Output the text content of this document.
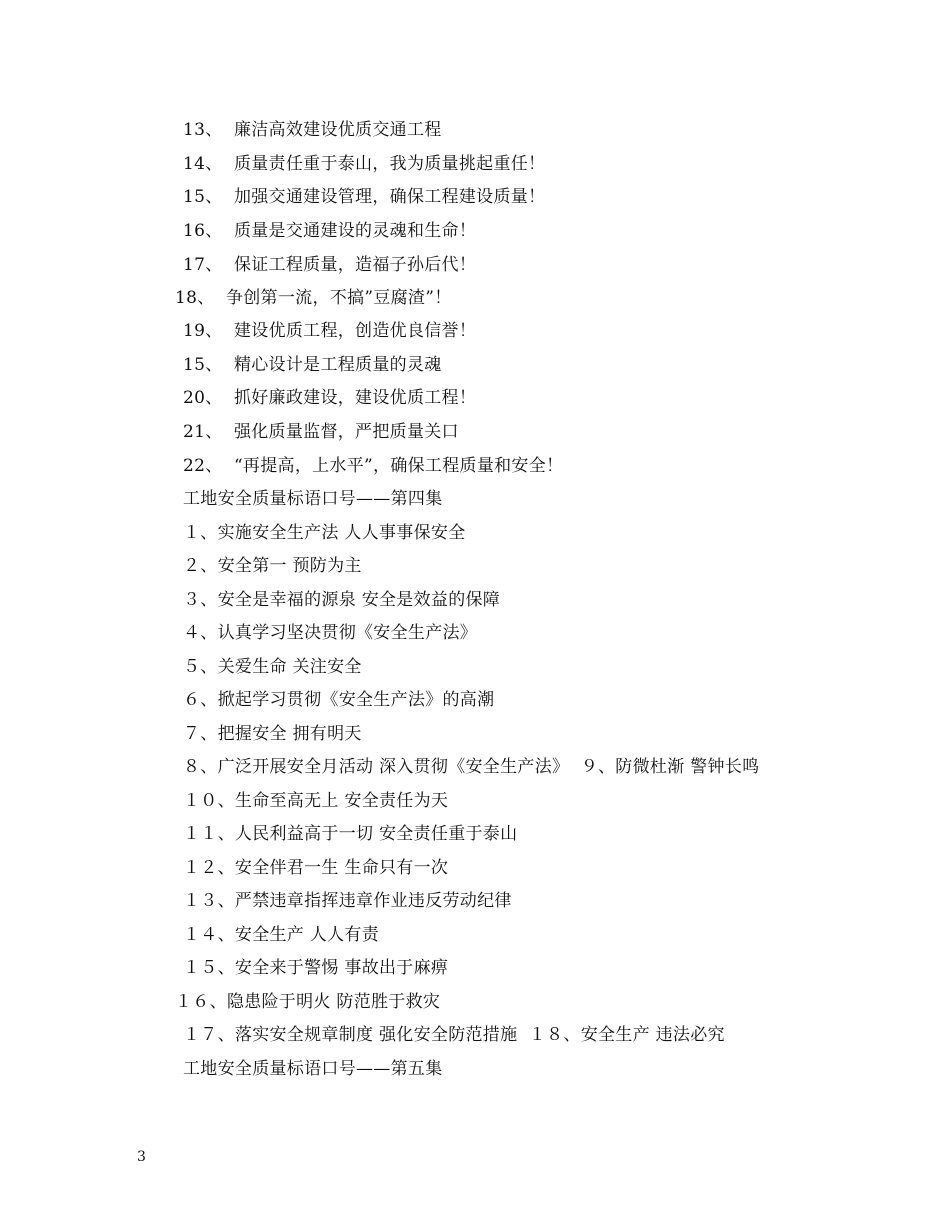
13、  廉洁高效建设优质交通工程
14、  质量责任重于泰山，我为质量挑起重任！
15、  加强交通建设管理，确保工程建设质量！
16、  质量是交通建设的灵魂和生命！
17、  保证工程质量，造福子孙后代！
18、  争创第一流，不搞”豆腐渣”！
19、  建设优质工程，创造优良信誉！
15、  精心设计是工程质量的灵魂
20、  抓好廉政建设，建设优质工程！
21、  强化质量监督，严把质量关口
22、  “再提高，上水平”，确保工程质量和安全！
工地安全质量标语口号——第四集
１、实施安全生产法 人人事事保安全
２、安全第一 预防为主
３、安全是幸福的源泉 安全是效益的保障
４、认真学习坚决贯彻《安全生产法》
５、关爱生命 关注安全
６、掀起学习贯彻《安全生产法》的高潮
７、把握安全 拥有明天
８、广泛开展安全月活动 深入贯彻《安全生产法》  ９、防微杜渐 警钟长鸣
１０、生命至高无上 安全责任为天
１１、人民利益高于一切 安全责任重于泰山
１２、安全伴君一生 生命只有一次
１３、严禁违章指挥违章作业违反劳动纪律
１４、安全生产 人人有责
１５、安全来于警惕 事故出于麻痹
１６、隐患险于明火 防范胜于救灾
１７、落实安全规章制度 强化安全防范措施  １８、安全生产 违法必究
工地安全质量标语口号——第五集
3
